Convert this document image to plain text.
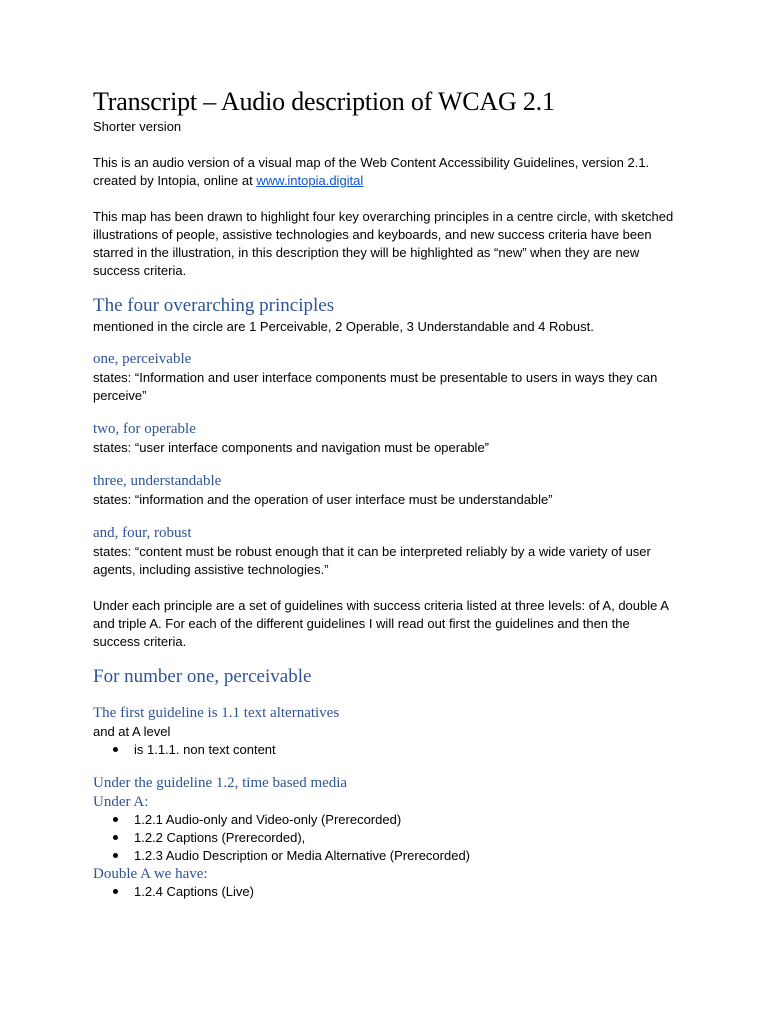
Transcript – Audio description of WCAG 2.1

Shorter version

This is an audio version of a visual map of the Web Content Accessibility Guidelines, version 2.1. created by Intopia, online at www.intopia.digital

This map has been drawn to highlight four key overarching principles in a centre circle, with sketched illustrations of people, assistive technologies and keyboards, and new success criteria have been starred in the illustration, in this description they will be highlighted as “new” when they are new success criteria.

The four overarching principles

mentioned in the circle are 1 Perceivable, 2 Operable, 3 Understandable and 4 Robust.

one, perceivable

states: “Information and user interface components must be presentable to users in ways they can perceive”

two, for operable

states: “user interface components and navigation must be operable”

three, understandable

states: “information and the operation of user interface must be understandable”

and, four, robust

states: “content must be robust enough that it can be interpreted reliably by a wide variety of user agents, including assistive technologies.”

Under each principle are a set of guidelines with success criteria listed at three levels: of A, double A and triple A. For each of the different guidelines I will read out first the guidelines and then the success criteria.

For number one, perceivable
The first guideline is 1.1 text alternatives

and at A level

is 1.1.1. non text content
Under the guideline 1.2, time based media

Under A:

1.2.1 Audio-only and Video-only (Prerecorded)
1.2.2 Captions (Prerecorded),
1.2.3 Audio Description or Media Alternative (Prerecorded)

Double A we have:

1.2.4 Captions (Live)
